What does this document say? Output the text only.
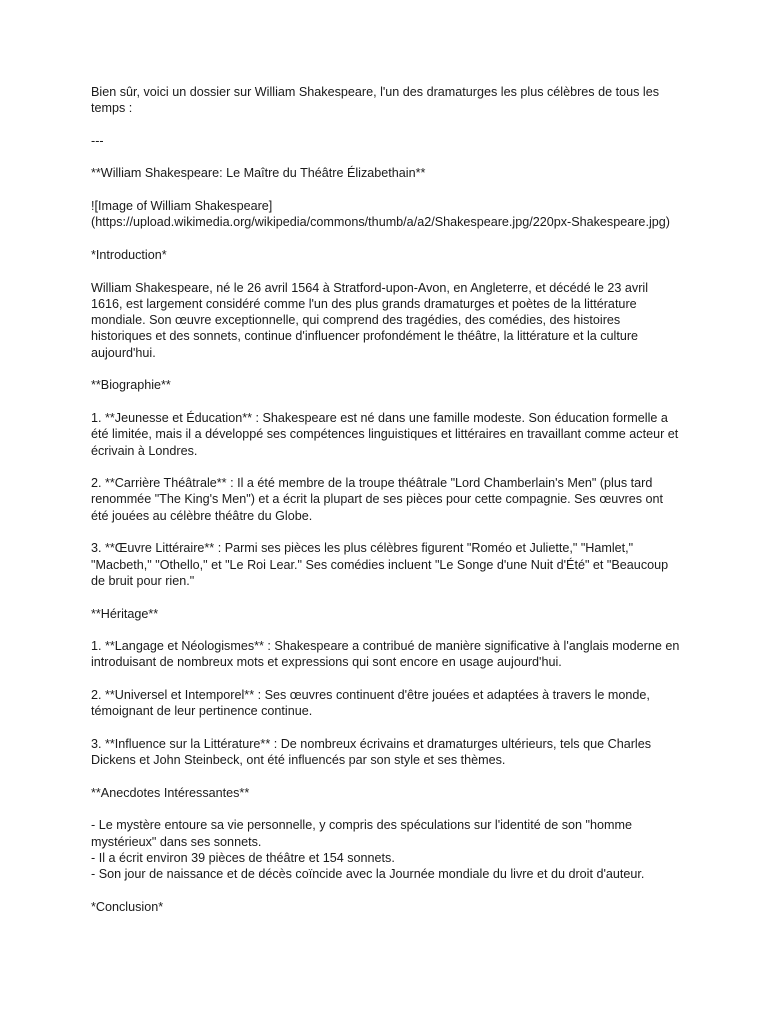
Bien sûr, voici un dossier sur William Shakespeare, l'un des dramaturges les plus célèbres de tous les temps :

---

**William Shakespeare: Le Maître du Théâtre Élizabethain**

![Image of William Shakespeare](https://upload.wikimedia.org/wikipedia/commons/thumb/a/a2/Shakespeare.jpg/220px-Shakespeare.jpg)

*Introduction*

William Shakespeare, né le 26 avril 1564 à Stratford-upon-Avon, en Angleterre, et décédé le 23 avril 1616, est largement considéré comme l'un des plus grands dramaturges et poètes de la littérature mondiale. Son œuvre exceptionnelle, qui comprend des tragédies, des comédies, des histoires historiques et des sonnets, continue d'influencer profondément le théâtre, la littérature et la culture aujourd'hui.

**Biographie**

1. **Jeunesse et Éducation** : Shakespeare est né dans une famille modeste. Son éducation formelle a été limitée, mais il a développé ses compétences linguistiques et littéraires en travaillant comme acteur et écrivain à Londres.

2. **Carrière Théâtrale** : Il a été membre de la troupe théâtrale "Lord Chamberlain's Men" (plus tard renommée "The King's Men") et a écrit la plupart de ses pièces pour cette compagnie. Ses œuvres ont été jouées au célèbre théâtre du Globe.

3. **Œuvre Littéraire** : Parmi ses pièces les plus célèbres figurent "Roméo et Juliette," "Hamlet," "Macbeth," "Othello," et "Le Roi Lear." Ses comédies incluent "Le Songe d'une Nuit d'Été" et "Beaucoup de bruit pour rien."

**Héritage**

1. **Langage et Néologismes** : Shakespeare a contribué de manière significative à l'anglais moderne en introduisant de nombreux mots et expressions qui sont encore en usage aujourd'hui.

2. **Universel et Intemporel** : Ses œuvres continuent d'être jouées et adaptées à travers le monde, témoignant de leur pertinence continue.

3. **Influence sur la Littérature** : De nombreux écrivains et dramaturges ultérieurs, tels que Charles Dickens et John Steinbeck, ont été influencés par son style et ses thèmes.

**Anecdotes Intéressantes**

- Le mystère entoure sa vie personnelle, y compris des spéculations sur l'identité de son "homme mystérieux" dans ses sonnets.
- Il a écrit environ 39 pièces de théâtre et 154 sonnets.
- Son jour de naissance et de décès coïncide avec la Journée mondiale du livre et du droit d'auteur.

*Conclusion*
